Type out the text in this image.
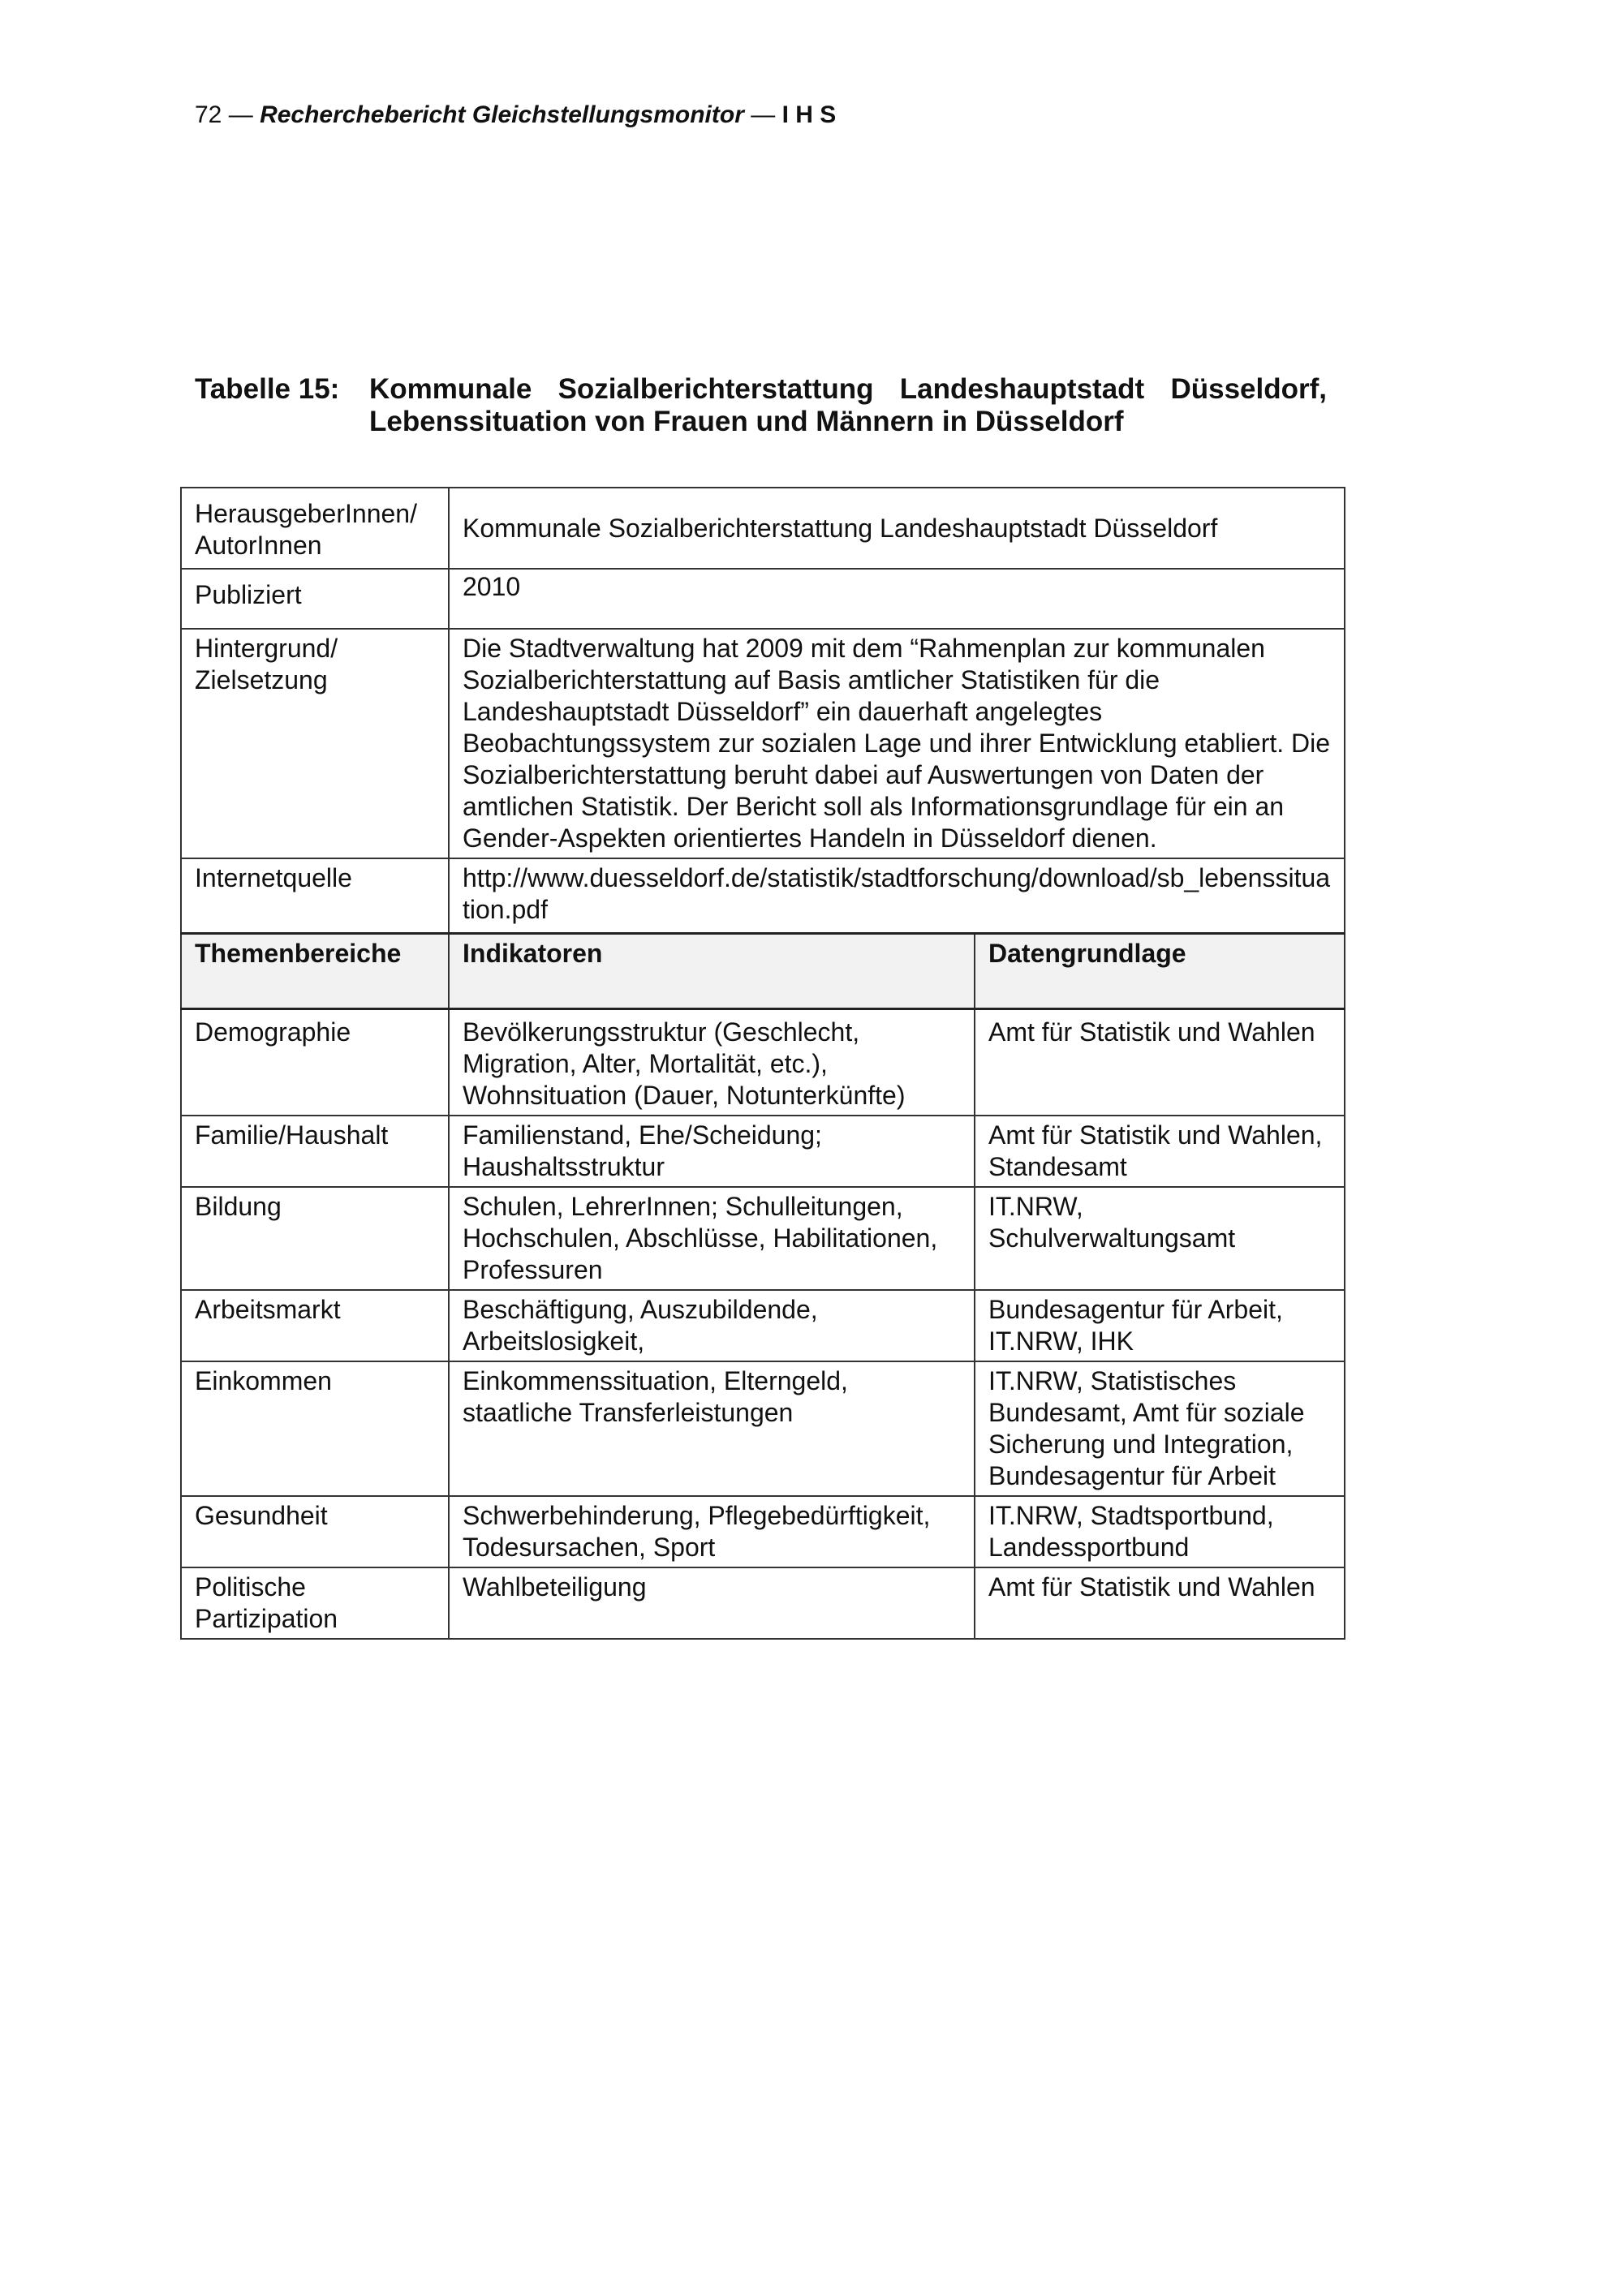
72 — Recherchebericht Gleichstellungsmonitor — I H S
Tabelle 15: Kommunale Sozialberichterstattung Landeshauptstadt Düsseldorf, Lebenssituation von Frauen und Männern in Düsseldorf
HerausgeberInnen/ AutorInnen	Kommunale Sozialberichterstattung Landeshauptstadt Düsseldorf	
Publiziert	2010	
Hintergrund/ Zielsetzung	Die Stadtverwaltung hat 2009 mit dem “Rahmenplan zur kommunalen Sozialberichterstattung auf Basis amtlicher Statistiken für die Landeshauptstadt Düsseldorf” ein dauerhaft angelegtes Beobachtungssystem zur sozialen Lage und ihrer Entwicklung etabliert. Die Sozialberichterstattung beruht dabei auf Auswertungen von Daten der amtlichen Statistik. Der Bericht soll als Informationsgrundlage für ein an Gender-Aspekten orientiertes Handeln in Düsseldorf dienen.	
Internetquelle	http://www.duesseldorf.de/statistik/stadtforschung/download/sb_lebenssituation.pdf	
Themenbereiche	Indikatoren	Datengrundlage
Demographie	Bevölkerungsstruktur (Geschlecht, Migration, Alter, Mortalität, etc.), Wohnsituation (Dauer, Notunterkünfte)	Amt für Statistik und Wahlen
Familie/Haushalt	Familienstand, Ehe/Scheidung; Haushaltsstruktur	Amt für Statistik und Wahlen, Standesamt
Bildung	Schulen, LehrerInnen; Schulleitungen, Hochschulen, Abschlüsse, Habilitationen, Professuren	IT.NRW, Schulverwaltungsamt
Arbeitsmarkt	Beschäftigung, Auszubildende, Arbeitslosigkeit,	Bundesagentur für Arbeit, IT.NRW, IHK
Einkommen	Einkommenssituation, Elterngeld, staatliche Transferleistungen	IT.NRW, Statistisches Bundesamt, Amt für soziale Sicherung und Integration, Bundesagentur für Arbeit
Gesundheit	Schwerbehinderung, Pflegebedürftigkeit, Todesursachen, Sport	IT.NRW, Stadtsportbund, Landessportbund
Politische Partizipation	Wahlbeteiligung	Amt für Statistik und Wahlen
